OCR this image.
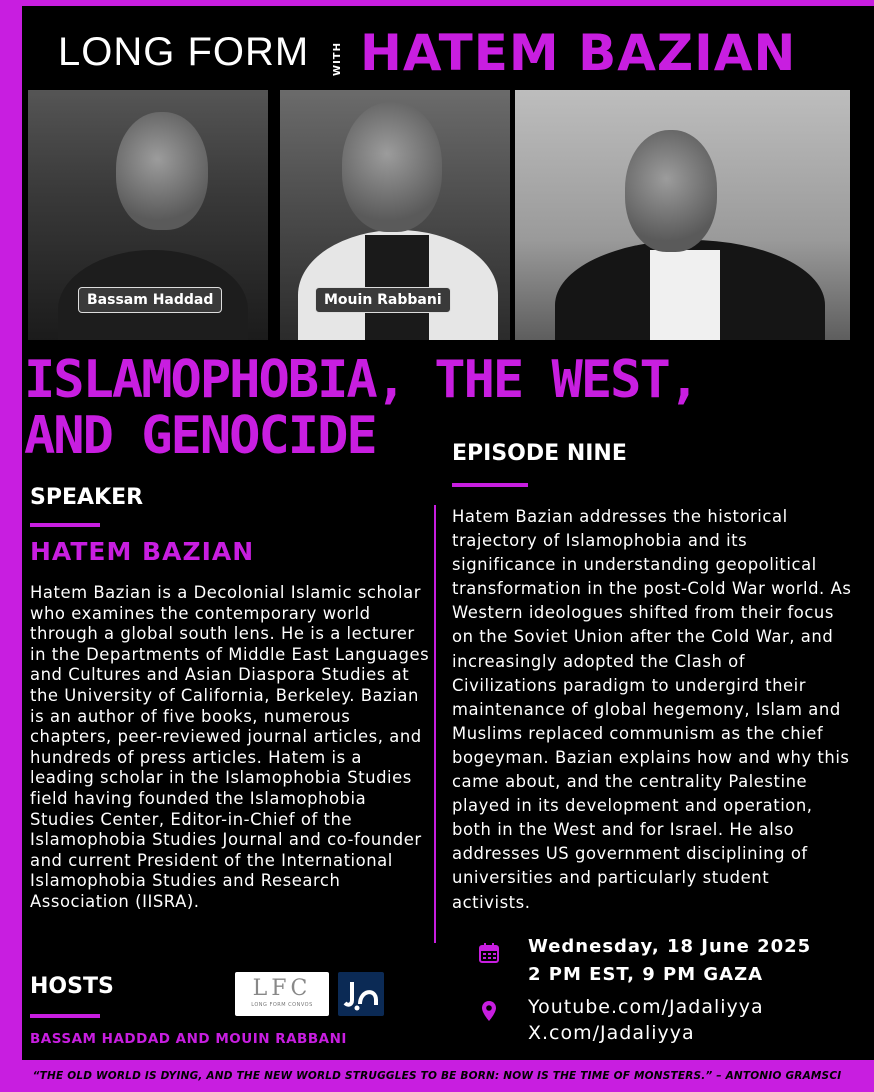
LONG FORM WITH HATEM BAZIAN
Bassam Haddad	Mouin Rabbani
ISLAMOPHOBIA, THE WEST,
AND GENOCIDE	EPISODE NINE
Hatem Bazian addresses the historical trajectory of Islamophobia and its significance in understanding geopolitical transformation in the post-Cold War world. As Western ideologues shifted from their focus on the Soviet Union after the Cold War, and increasingly adopted the Clash of Civilizations paradigm to undergird their maintenance of global hegemony, Islam and Muslims replaced communism as the chief bogeyman. Bazian explains how and why this came about, and the centrality Palestine played in its development and operation, both in the West and for Israel. He also addresses US government disciplining of universities and particularly student activists.
SPEAKER
HATEM BAZIAN
Hatem Bazian is a Decolonial Islamic scholar who examines the contemporary world through a global south lens. He is a lecturer in the Departments of Middle East Languages and Cultures and Asian Diaspora Studies at the University of California, Berkeley. Bazian is an author of five books, numerous chapters, peer-reviewed journal articles, and hundreds of press articles. Hatem is a leading scholar in the Islamophobia Studies field having founded the Islamophobia Studies Center, Editor-in-Chief of the Islamophobia Studies Journal and co-founder and current President of the International Islamophobia Studies and Research Association (IISRA).
Wednesday, 18 June 2025
2 PM EST, 9 PM GAZA
Youtube.com/Jadaliyya
X.com/Jadaliyya
HOSTS	LFC
LONG FORM CONVOS
BASSAM HADDAD AND MOUIN RABBANI
“THE OLD WORLD IS DYING, AND THE NEW WORLD STRUGGLES TO BE BORN: NOW IS THE TIME OF MONSTERS.” – ANTONIO GRAMSCI
